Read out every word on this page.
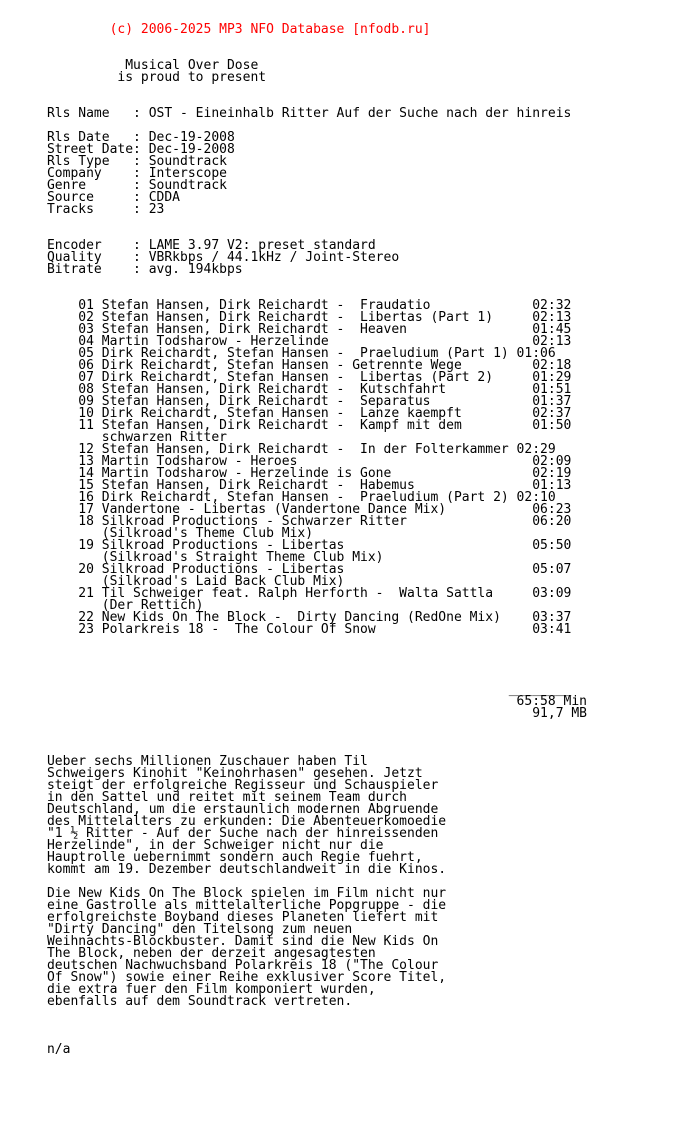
(c) 2006-2025 MP3 NFO Database [nfodb.ru]

Musical Over Dose
is proud to present
Rls Name   : OST - Eineinhalb Ritter Auf der Suche nach der hinreis
Rls Date   : Dec-19-2008
Street Date: Dec-19-2008
Rls Type   : Soundtrack
Company    : Interscope
Genre      : Soundtrack
Source     : CDDA
Tracks     : 23
Encoder    : LAME 3.97 V2: preset standard
Quality    : VBRkbps / 44.1kHz / Joint-Stereo
Bitrate    : avg. 194kbps
01 Stefan Hansen, Dirk Reichardt -  Fraudatio             02:32
02 Stefan Hansen, Dirk Reichardt -  Libertas (Part 1)     02:13
03 Stefan Hansen, Dirk Reichardt -  Heaven                01:45
04 Martin Todsharow - Herzelinde                          02:13
05 Dirk Reichardt, Stefan Hansen -  Praeludium (Part 1) 01:06
06 Dirk Reichardt, Stefan Hansen - Getrennte Wege         02:18
07 Dirk Reichardt, Stefan Hansen -  Libertas (Part 2)     01:29
08 Stefan Hansen, Dirk Reichardt -  Kutschfahrt           01:51
09 Stefan Hansen, Dirk Reichardt -  Separatus             01:37
10 Dirk Reichardt, Stefan Hansen -  Lanze kaempft         02:37
11 Stefan Hansen, Dirk Reichardt -  Kampf mit dem         01:50
schwarzen Ritter
12 Stefan Hansen, Dirk Reichardt -  In der Folterkammer 02:29
13 Martin Todsharow - Heroes                              02:09
14 Martin Todsharow - Herzelinde is Gone                  02:19
15 Stefan Hansen, Dirk Reichardt -  Habemus               01:13
16 Dirk Reichardt, Stefan Hansen -  Praeludium (Part 2) 02:10
17 Vandertone - Libertas (Vandertone Dance Mix)           06:23
18 Silkroad Productions - Schwarzer Ritter                06:20
(Silkroad's Theme Club Mix)
19 Silkroad Productions - Libertas                        05:50
(Silkroad's Straight Theme Club Mix)
20 Silkroad Productions - Libertas                        05:07
(Silkroad's Laid Back Club Mix)
21 Til Schweiger feat. Ralph Herforth -  Walta Sattla     03:09
(Der Rettich)
22 New Kids On The Block -  Dirty Dancing (RedOne Mix)    03:37
23 Polarkreis 18 -  The Colour Of Snow                    03:41
________
65:58 Min
91,7 MB
Ueber sechs Millionen Zuschauer haben Til
Schweigers Kinohit "Keinohrhasen" gesehen. Jetzt
steigt der erfolgreiche Regisseur und Schauspieler
in den Sattel und reitet mit seinem Team durch
Deutschland, um die erstaunlich modernen Abgruende
des Mittelalters zu erkunden: Die Abenteuerkomoedie
"1 ½ Ritter - Auf der Suche nach der hinreissenden
Herzelinde", in der Schweiger nicht nur die
Hauptrolle uebernimmt sondern auch Regie fuehrt,
kommt am 19. Dezember deutschlandweit in die Kinos.
Die New Kids On The Block spielen im Film nicht nur
eine Gastrolle als mittelalterliche Popgruppe - die
erfolgreichste Boyband dieses Planeten liefert mit
"Dirty Dancing" den Titelsong zum neuen
Weihnachts-Blockbuster. Damit sind die New Kids On
The Block, neben der derzeit angesagtesten
deutschen Nachwuchsband Polarkreis 18 ("The Colour
Of Snow") sowie einer Reihe exklusiver Score Titel,
die extra fuer den Film komponiert wurden,
ebenfalls auf dem Soundtrack vertreten.
n/a
